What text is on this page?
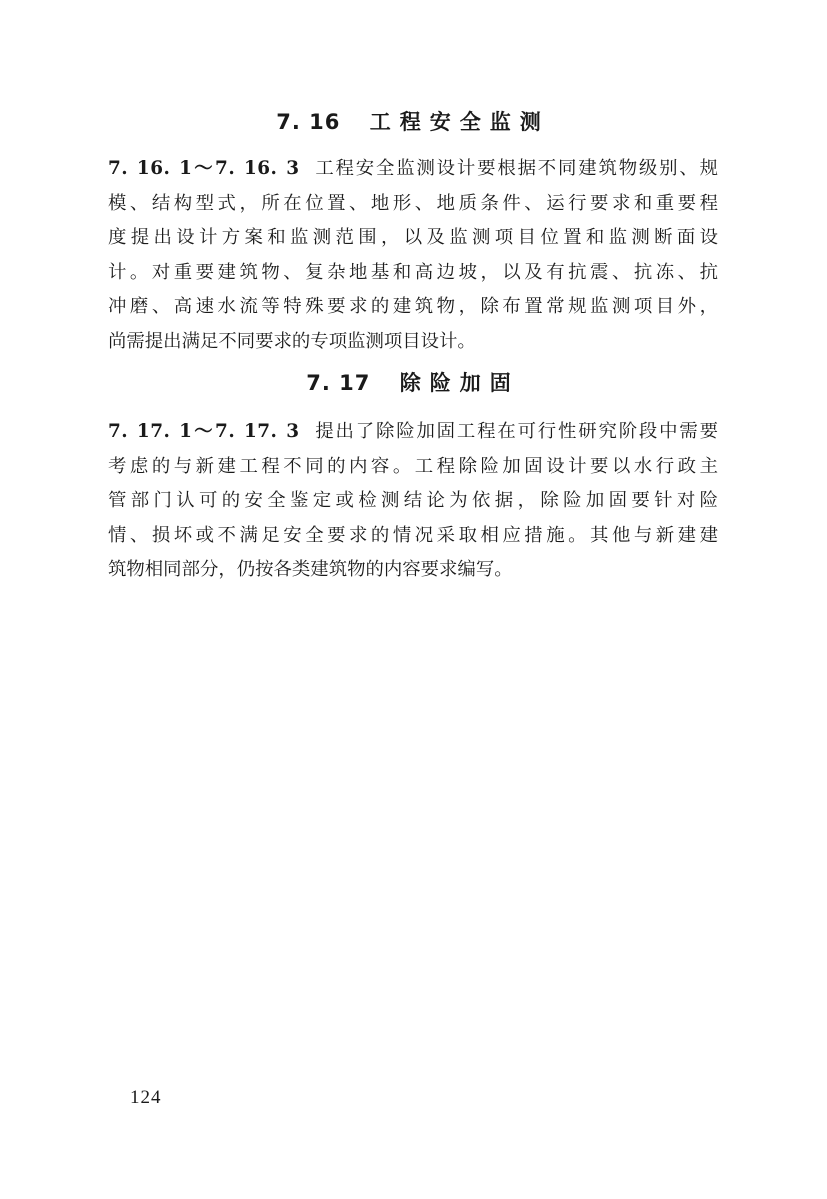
7. 16 工程安全监测
7. 16. 1～7. 16. 3 工程安全监测设计要根据不同建筑物级别、规
模、结构型式，所在位置、地形、地质条件、运行要求和重要程
度提出设计方案和监测范围，以及监测项目位置和监测断面设
计。对重要建筑物、复杂地基和高边坡，以及有抗震、抗冻、抗
冲磨、高速水流等特殊要求的建筑物，除布置常规监测项目外，
尚需提出满足不同要求的专项监测项目设计。
7. 17 除险加固
7. 17. 1～7. 17. 3 提出了除险加固工程在可行性研究阶段中需要
考虑的与新建工程不同的内容。工程除险加固设计要以水行政主
管部门认可的安全鉴定或检测结论为依据，除险加固要针对险
情、损坏或不满足安全要求的情况采取相应措施。其他与新建建
筑物相同部分，仍按各类建筑物的内容要求编写。
124
